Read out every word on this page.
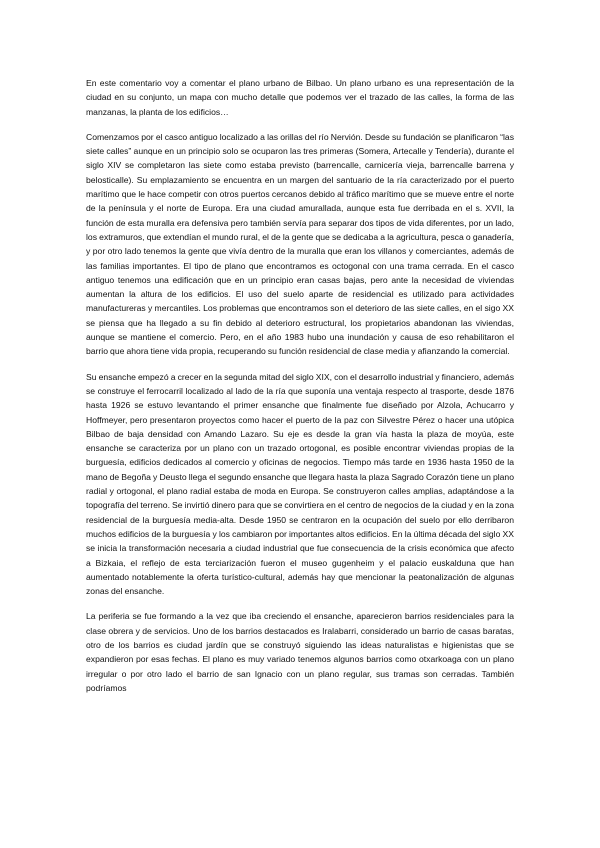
En este comentario voy a comentar el plano urbano de Bilbao. Un plano urbano es una representación de la ciudad en su conjunto, un mapa con mucho detalle que podemos ver el trazado de las calles, la forma de las manzanas, la planta de los edificios…

Comenzamos por el casco antiguo localizado a las orillas del río Nervión. Desde su fundación se planificaron “las siete calles” aunque en un principio solo se ocuparon las tres primeras (Somera, Artecalle y Tendería), durante el siglo XIV se completaron las siete como estaba previsto (barrencalle, carnicería vieja, barrencalle barrena y belosticalle). Su emplazamiento se encuentra en un margen del santuario de la ría caracterizado por el puerto marítimo que le hace competir con otros puertos cercanos debido al tráfico marítimo que se mueve entre el norte de la península y el norte de Europa. Era una ciudad amurallada, aunque esta fue derribada en el s. XVII, la función de esta muralla era defensiva pero también servía para separar dos tipos de vida diferentes, por un lado, los extramuros, que extendían el mundo rural, el de la gente que se dedicaba a la agricultura, pesca o ganadería, y por otro lado tenemos la gente que vivía dentro de la muralla que eran los villanos y comerciantes, además de las familias importantes. El tipo de plano que encontramos es octogonal con una trama cerrada. En el casco antiguo tenemos una edificación que en un principio eran casas bajas, pero ante la necesidad de viviendas aumentan la altura de los edificios. El uso del suelo aparte de residencial es utilizado para actividades manufactureras y mercantiles. Los problemas que encontramos son el deterioro de las siete calles, en el sigo XX se piensa que ha llegado a su fin debido al deterioro estructural, los propietarios abandonan las viviendas, aunque se mantiene el comercio. Pero, en el año 1983 hubo una inundación y causa de eso rehabilitaron el barrio que ahora tiene vida propia, recuperando su función residencial de clase media y afianzando la comercial.

Su ensanche empezó a crecer en la segunda mitad del siglo XIX, con el desarrollo industrial y financiero, además se construye el ferrocarril localizado al lado de la ría que suponía una ventaja respecto al trasporte, desde 1876 hasta 1926 se estuvo levantando el primer ensanche que finalmente fue diseñado por Alzola, Achucarro y Hoffmeyer, pero presentaron proyectos como hacer el puerto de la paz con Silvestre Pérez o hacer una utópica Bilbao de baja densidad con Amando Lazaro. Su eje es desde la gran vía hasta la plaza de moyúa, este ensanche se caracteriza por un plano con un trazado ortogonal, es posible encontrar viviendas propias de la burguesía, edificios dedicados al comercio y oficinas de negocios. Tiempo más tarde en 1936 hasta 1950 de la mano de Begoña y Deusto llega el segundo ensanche que llegara hasta la plaza Sagrado Corazón tiene un plano radial y ortogonal, el plano radial estaba de moda en Europa. Se construyeron calles amplias, adaptándose a la topografía del terreno. Se invirtió dinero para que se convirtiera en el centro de negocios de la ciudad y en la zona residencial de la burguesía media-alta. Desde 1950 se centraron en la ocupación del suelo por ello derribaron muchos edificios de la burguesía y los cambiaron por importantes altos edificios. En la última década del siglo XX se inicia la transformación necesaria a ciudad industrial que fue consecuencia de la crisis económica que afecto a Bizkaia, el reflejo de esta terciarización fueron el museo gugenheim y el palacio euskalduna que han aumentado notablemente la oferta turístico-cultural, además hay que mencionar la peatonalización de algunas zonas del ensanche.

La periferia se fue formando a la vez que iba creciendo el ensanche, aparecieron barrios residenciales para la clase obrera y de servicios. Uno de los barrios destacados es Iralabarri, considerado un barrio de casas baratas, otro de los barrios es ciudad jardín que se construyó siguiendo las ideas naturalistas e higienistas que se expandieron por esas fechas. El plano es muy variado tenemos algunos barrios como otxarkoaga con un plano irregular o por otro lado el barrio de san Ignacio con un plano regular, sus tramas son cerradas. También podríamos
